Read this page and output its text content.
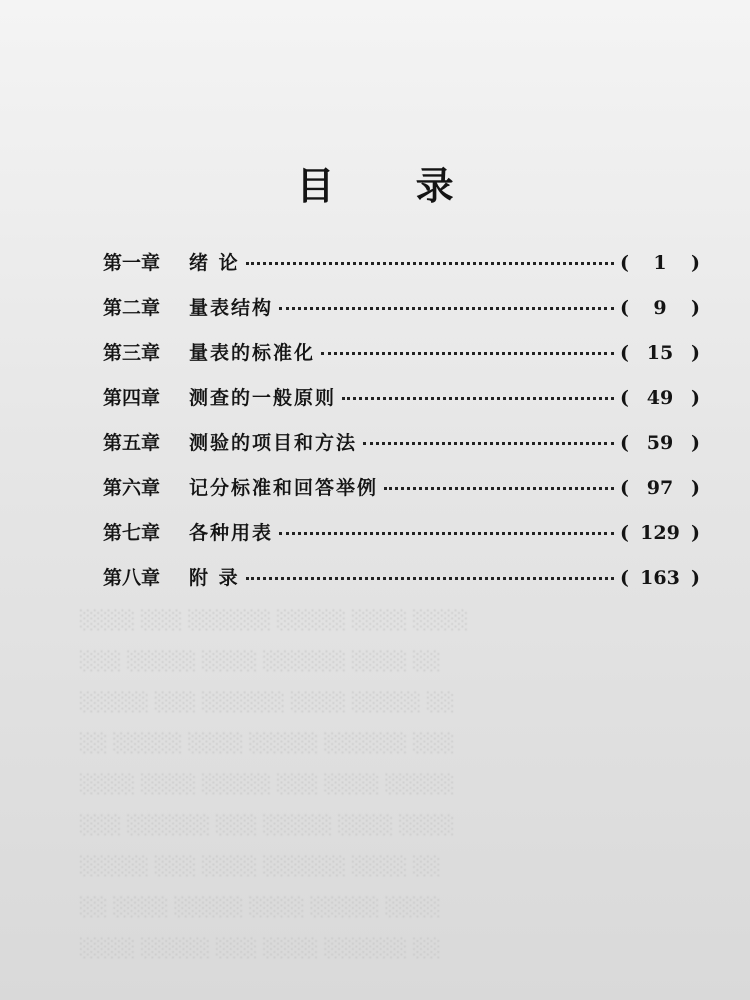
░░░░ ░░░ ░░░░░░ ░░░░░ ░░░░ ░░░░
░░░ ░░░░░ ░░░░ ░░░░░░ ░░░░ ░░
░░░░░ ░░░ ░░░░░░ ░░░░ ░░░░░ ░░
░░ ░░░░░ ░░░░ ░░░░░ ░░░░░░ ░░░
░░░░ ░░░░ ░░░░░ ░░░ ░░░░ ░░░░░
░░░ ░░░░░░ ░░░ ░░░░░ ░░░░ ░░░░
░░░░░ ░░░ ░░░░ ░░░░░░ ░░░░ ░░
░░ ░░░░ ░░░░░ ░░░░ ░░░░░ ░░░░
░░░░ ░░░░░ ░░░ ░░░░ ░░░░░░ ░░
目 录
第一章	绪 论	(	1	)
第二章	量表结构	(	9	)
第三章	量表的标准化	( 15 )
第四章	测查的一般原则	( 49 )
第五章	测验的项目和方法	( 59 )
第六章	记分标准和回答举例	( 97 )
第七章	各种用表	( 129 )
第八章	附 录	( 163 )
